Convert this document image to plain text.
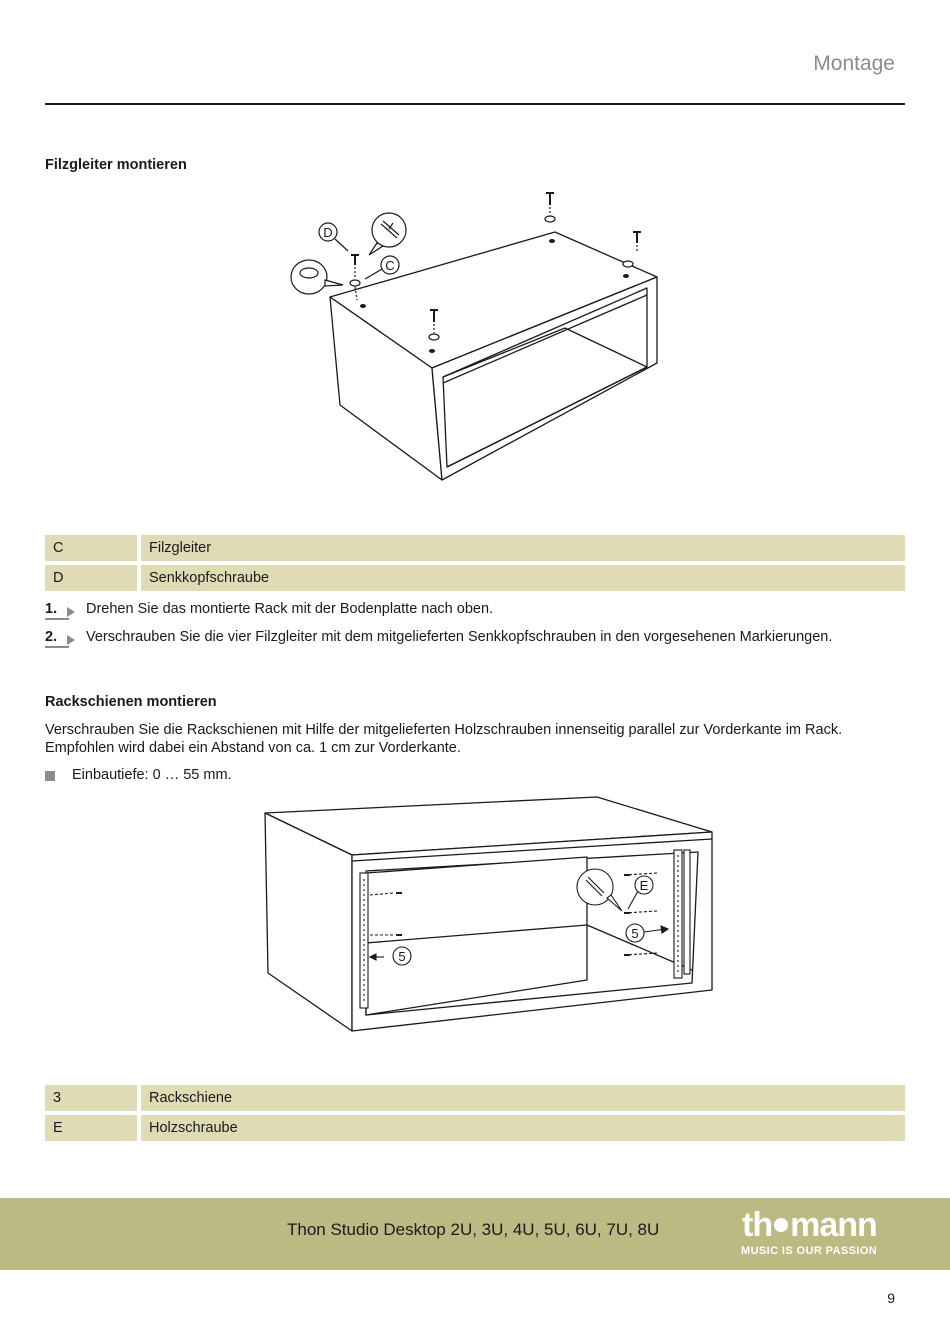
Montage
Filzgleiter montieren
D
C
C	Filzgleiter
D	Senkkopfschraube
1.	Drehen Sie das montierte Rack mit der Bodenplatte nach oben.
2.	Verschrauben Sie die vier Filzgleiter mit dem mitgelieferten Senkkopfschrauben in den vorgesehenen Markierungen.
Rackschienen montieren
Verschrauben Sie die Rackschienen mit Hilfe der mitgelieferten Holzschrauben innenseitig parallel zur Vorderkante im Rack.
Empfohlen wird dabei ein Abstand von ca. 1 cm zur Vorderkante.
Einbautiefe: 0 … 55 mm.
5
5
E
3	Rackschiene
E	Holzschraube
Thon Studio Desktop 2U, 3U, 4U, 5U, 6U, 7U, 8U th mann
MUSIC IS OUR PASSION
9
